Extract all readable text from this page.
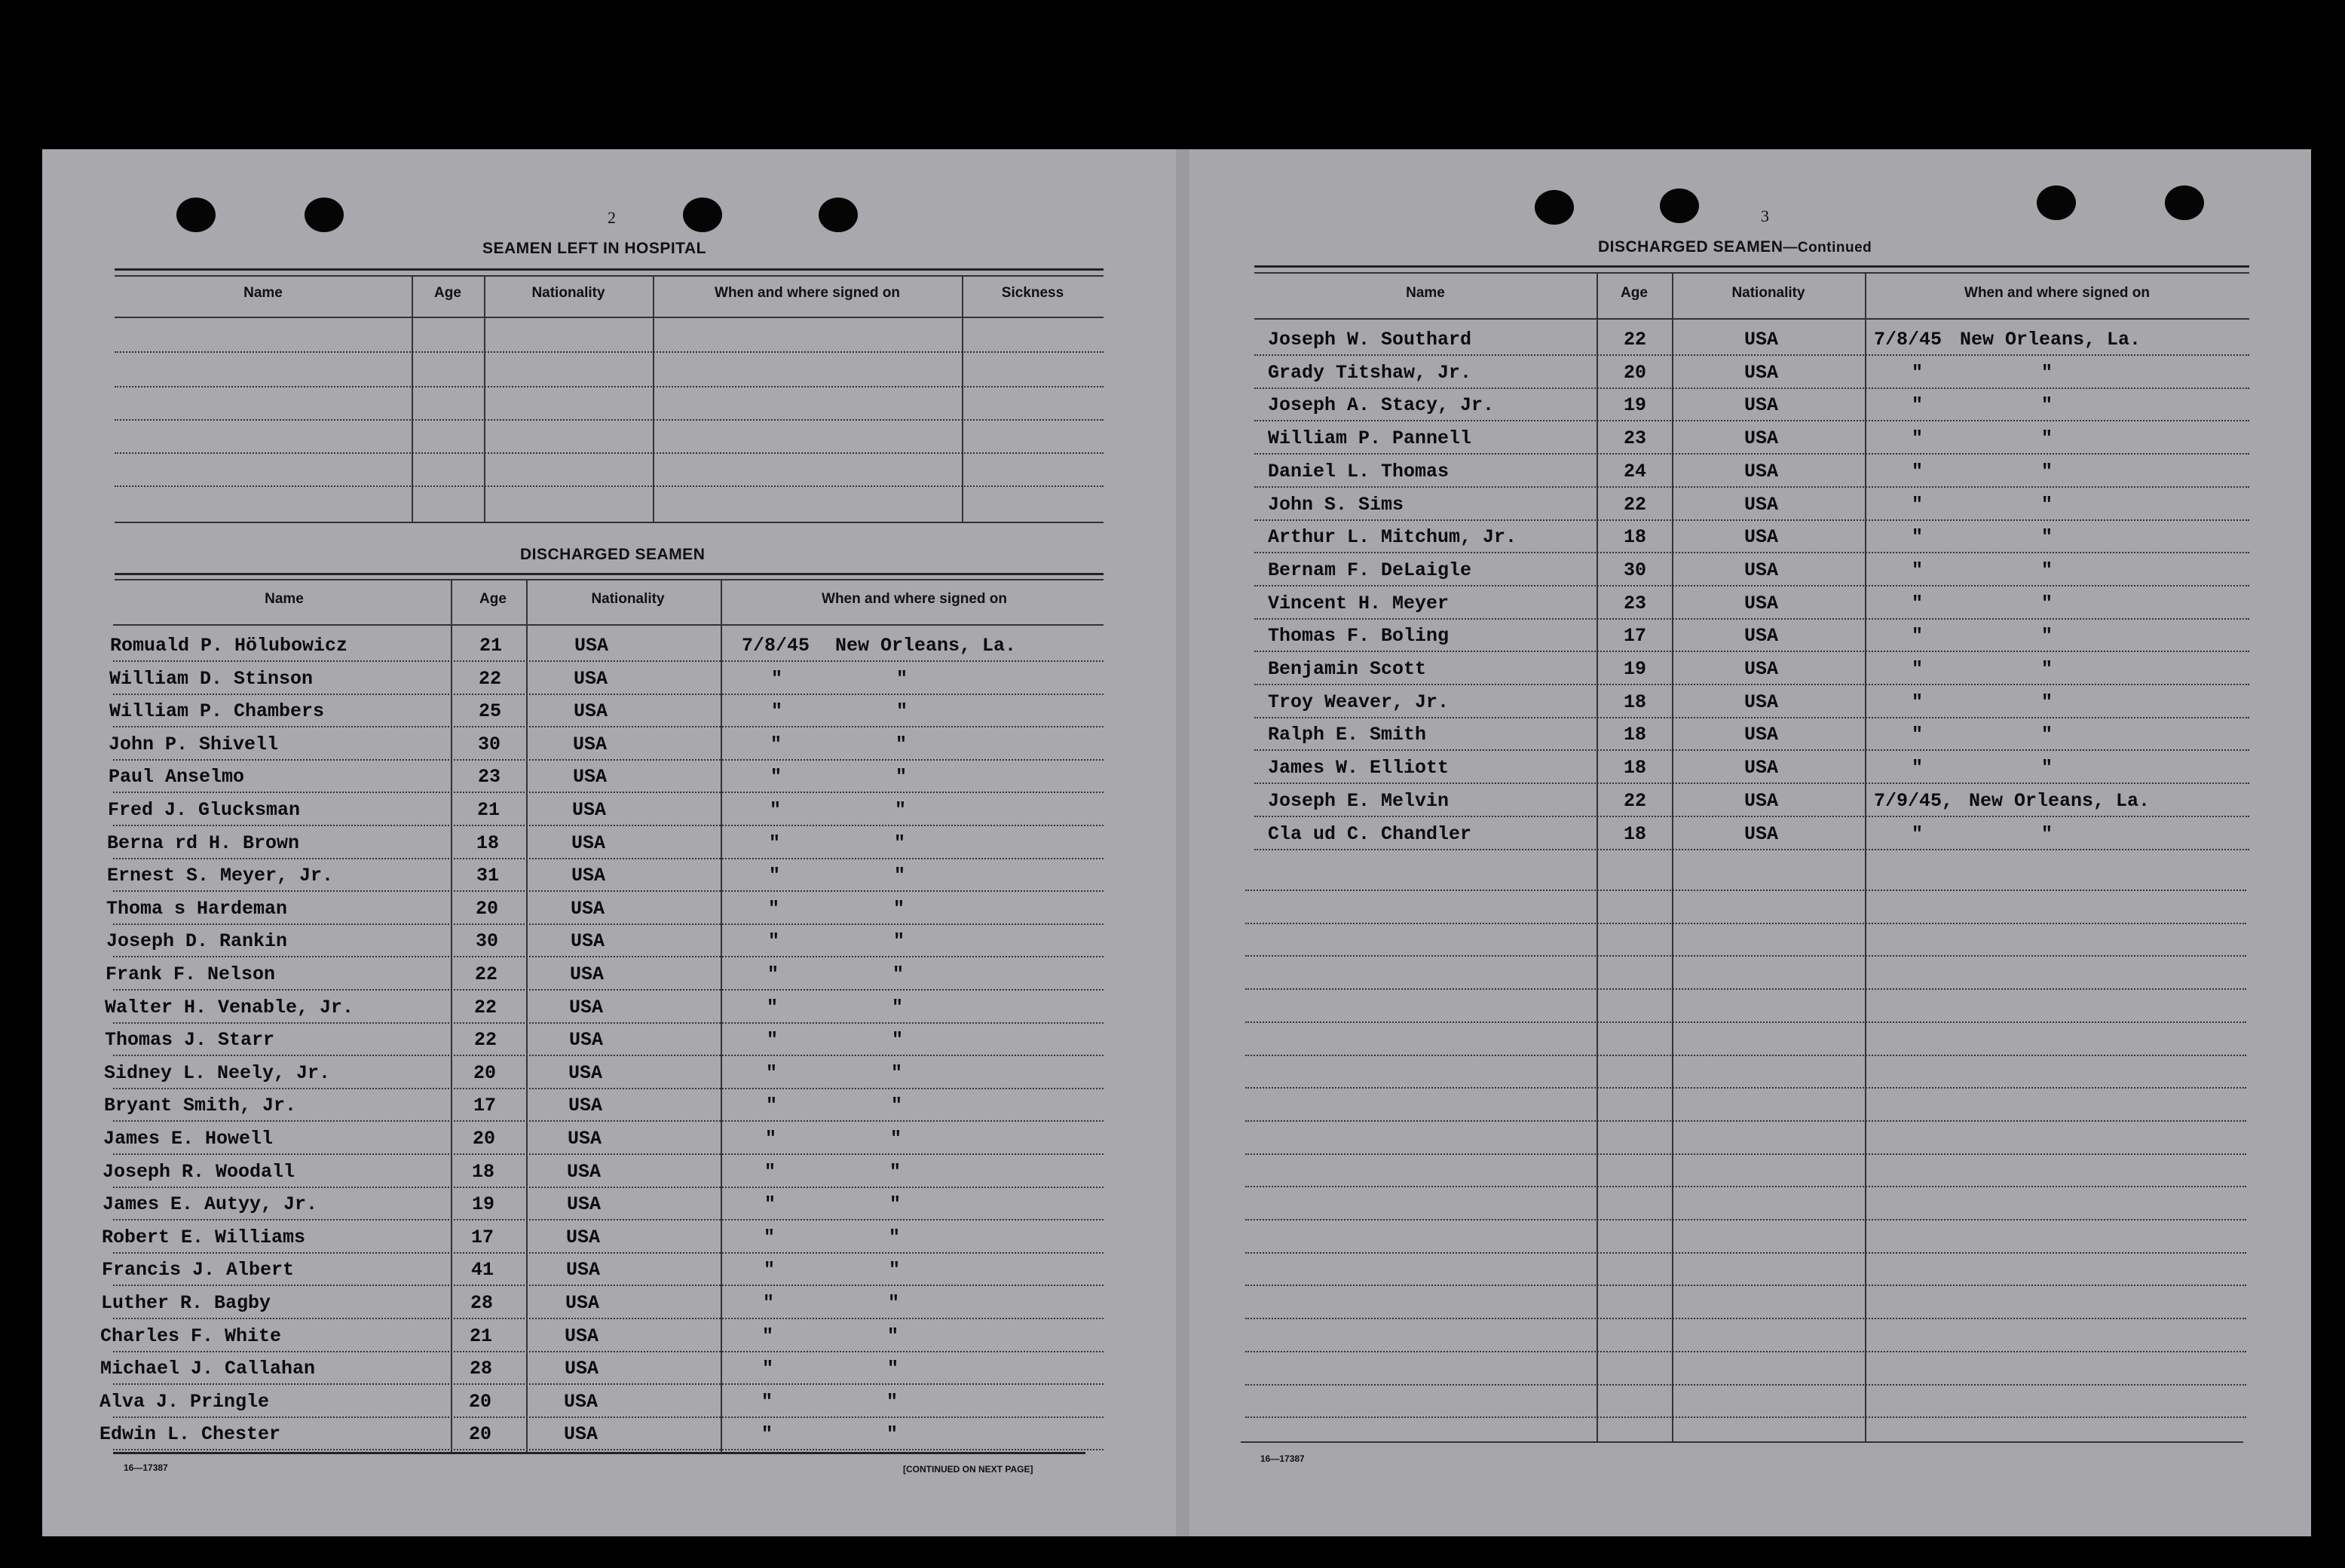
2
SEAMEN LEFT IN HOSPITAL
Name	Age	Nationality	When and where signed on	Sickness
DISCHARGED SEAMEN
Name	Age	Nationality	When and where signed on
Romuald P. Hölubowicz	21	USA	7/8/45 New Orleans, La.
William D. Stinson	22	USA	"	"
William P. Chambers	25	USA	"	"
John P. Shivell	30	USA	"	"
Paul Anselmo	23	USA	"	"
Fred J. Glucksman	21	USA	"	"
Berna rd H. Brown	18	USA	"	"
Ernest S. Meyer, Jr.	31	USA	"	"
Thoma s Hardeman	20	USA	"	"
Joseph D. Rankin	30	USA	"	"
Frank F. Nelson	22	USA	"	"
Walter H. Venable, Jr.	22	USA	"	"
Thomas J. Starr	22	USA	"	"
Sidney L. Neely, Jr.	20	USA	"	"
Bryant Smith, Jr.	17	USA	"	"
James E. Howell	20	USA	"	"
Joseph R. Woodall	18	USA	"	"
James E. Autyy, Jr.	19	USA	"	"
Robert E. Williams	17	USA	"	"
Francis J. Albert	41	USA	"	"
Luther R. Bagby	28	USA	"	"
Charles F. White	21	USA	"	"
Michael J. Callahan	28	USA	"	"
Alva J. Pringle	20	USA	"	"
Edwin L. Chester	20	USA	"	"
16—17387	[CONTINUED ON NEXT PAGE]
3
DISCHARGED SEAMEN—Continued
Name	Age	Nationality	When and where signed on
Joseph W. Southard	22	USA	7/8/45 New Orleans, La.
Grady Titshaw, Jr.	20	USA	"	"
Joseph A. Stacy, Jr.	19	USA	"	"
William P. Pannell	23	USA	"	"
Daniel L. Thomas	24	USA	"	"
John S. Sims	22	USA	"	"
Arthur L. Mitchum, Jr.	18	USA	"	"
Bernam F. DeLaigle	30	USA	"	"
Vincent H. Meyer	23	USA	"	"
Thomas F. Boling	17	USA	"	"
Benjamin Scott	19	USA	"	"
Troy Weaver, Jr.	18	USA	"	"
Ralph E. Smith	18	USA	"	"
James W. Elliott	18	USA	"	"
Joseph E. Melvin	22	USA	7/9/45, New Orleans, La.
Cla ud C. Chandler	18	USA	"	"
16—17387
